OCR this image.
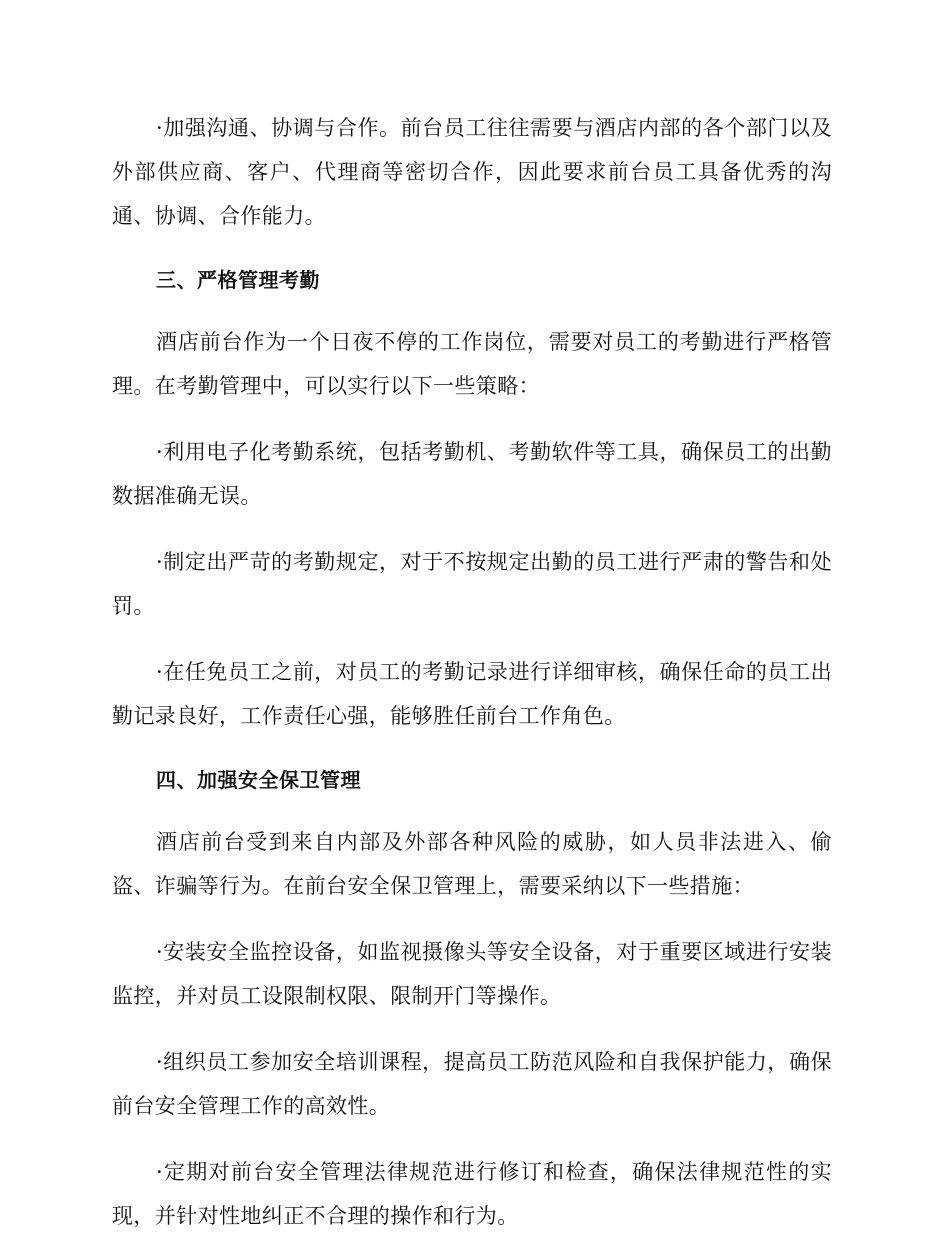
·加强沟通、协调与合作。前台员工往往需要与酒店内部的各个部门以及外部供应商、客户、代理商等密切合作，因此要求前台员工具备优秀的沟通、协调、合作能力。

三、严格管理考勤

酒店前台作为一个日夜不停的工作岗位，需要对员工的考勤进行严格管理。在考勤管理中，可以实行以下一些策略：

·利用电子化考勤系统，包括考勤机、考勤软件等工具，确保员工的出勤数据准确无误。

·制定出严苛的考勤规定，对于不按规定出勤的员工进行严肃的警告和处罚。

·在任免员工之前，对员工的考勤记录进行详细审核，确保任命的员工出勤记录良好，工作责任心强，能够胜任前台工作角色。

四、加强安全保卫管理

酒店前台受到来自内部及外部各种风险的威胁，如人员非法进入、偷盗、诈骗等行为。在前台安全保卫管理上，需要采纳以下一些措施：

·安装安全监控设备，如监视摄像头等安全设备，对于重要区域进行安装监控，并对员工设限制权限、限制开门等操作。

·组织员工参加安全培训课程，提高员工防范风险和自我保护能力，确保前台安全管理工作的高效性。

·定期对前台安全管理法律规范进行修订和检查，确保法律规范性的实现，并针对性地纠正不合理的操作和行为。
